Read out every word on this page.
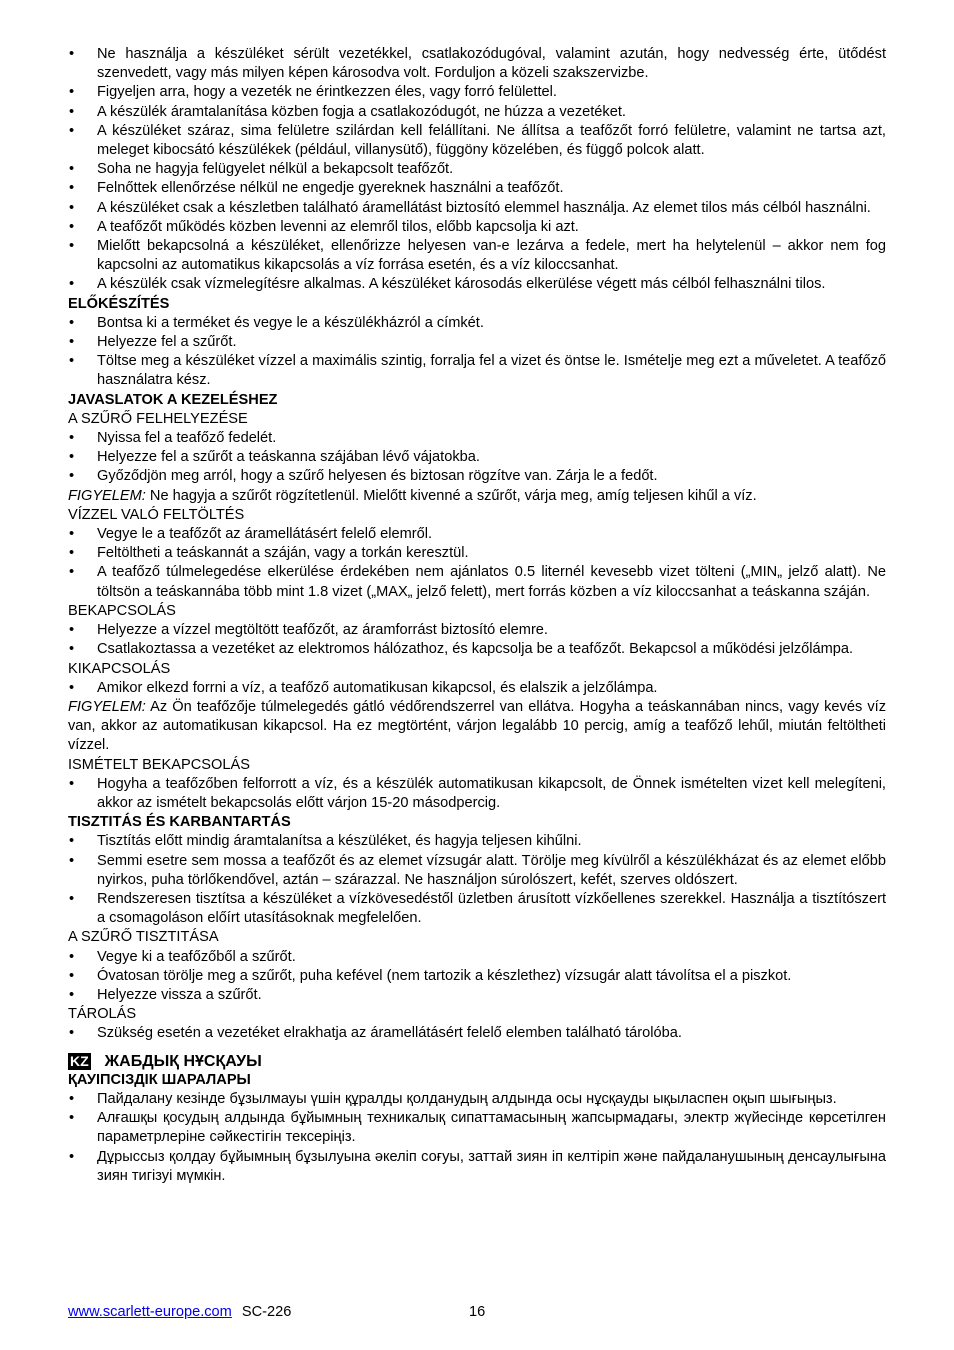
• Ne használja a készüléket sérült vezetékkel, csatlakozódugóval, valamint azután, hogy nedvesség érte, ütődést szenvedett, vagy más milyen képen károsodva volt. Forduljon a közeli szakszervizbe.
• Figyeljen arra, hogy a vezeték ne érintkezzen éles, vagy forró felülettel.
• A készülék áramtalanítása közben fogja a csatlakozódugót, ne húzza a vezetéket.
• A készüléket száraz, sima felületre szilárdan kell felállítani. Ne állítsa a teafőzőt forró felületre, valamint ne tartsa azt, meleget kibocsátó készülékek (például, villanysütő), függöny közelében, és függő polcok alatt.
• Soha ne hagyja felügyelet nélkül a bekapcsolt teafőzőt.
• Felnőttek ellenőrzése nélkül ne engedje gyereknek használni a teafőzőt.
• A készüléket csak a készletben található áramellátást biztosító elemmel használja. Az elemet tilos más célból használni.
• A teafőzőt működés közben levenni az elemről tilos, előbb kapcsolja ki azt.
• Mielőtt bekapcsolná a készüléket, ellenőrizze helyesen van-e lezárva a fedele, mert ha helytelenül – akkor nem fog kapcsolni az automatikus kikapcsolás a víz forrása esetén, és a víz kiloccsanhat.
• A készülék csak vízmelegítésre alkalmas. A készüléket károsodás elkerülése végett más célból felhasználni tilos.
ELŐKÉSZÍTÉS
• Bontsa ki a terméket és vegye le a készülékházról a címkét.
• Helyezze fel a szűrőt.
• Töltse meg a készüléket vízzel a maximális szintig, forralja fel a vizet és öntse le. Ismételje meg ezt a műveletet. A teafőző használatra kész.
JAVASLATOK A KEZELÉSHEZ
A SZŰRŐ FELHELYEZÉSE
• Nyissa fel a teafőző fedelét.
• Helyezze fel a szűrőt a teáskanna szájában lévő vájatokba.
• Győződjön meg arról, hogy a szűrő helyesen és biztosan rögzítve van. Zárja le a fedőt.
FIGYELEM: Ne hagyja a szűrőt rögzítetlenül. Mielőtt kivenné a szűrőt, várja meg, amíg teljesen kihűl a víz.
VÍZZEL VALÓ FELTÖLTÉS
• Vegye le a teafőzőt az áramellátásért felelő elemről.
• Feltöltheti a teáskannát a száján, vagy a torkán keresztül.
• A teafőző túlmelegedése elkerülése érdekében nem ajánlatos 0.5 liternél kevesebb vizet tölteni („MIN„ jelző alatt). Ne töltsön a teáskannába több mint 1.8 vizet („MAX„ jelző felett), mert forrás közben a víz kiloccsanhat a teáskanna száján.
BEKAPCSOLÁS
• Helyezze a vízzel megtöltött teafőzőt, az áramforrást biztosító elemre.
• Csatlakoztassa a vezetéket az elektromos hálózathoz, és kapcsolja be a teafőzőt. Bekapcsol a működési jelzőlámpa.
KIKAPCSOLÁS
• Amikor elkezd forrni a víz, a teafőző automatikusan kikapcsol, és elalszik a jelzőlámpa.
FIGYELEM: Az Ön teafőzője túlmelegedés gátló védőrendszerrel van ellátva. Hogyha a teáskannában nincs, vagy kevés víz van, akkor az automatikusan kikapcsol. Ha ez megtörtént, várjon legalább 10 percig, amíg a teafőző lehűl, miután feltöltheti vízzel.
ISMÉTELT BEKAPCSOLÁS
• Hogyha a teafőzőben felforrott a víz, és a készülék automatikusan kikapcsolt, de Önnek ismételten vizet kell melegíteni, akkor az ismételt bekapcsolás előtt várjon 15-20 másodpercig.
TISZTITÁS ÉS KARBANTARTÁS
• Tisztítás előtt mindig áramtalanítsa a készüléket, és hagyja teljesen kihűlni.
• Semmi esetre sem mossa a teafőzőt és az elemet vízsugár alatt. Törölje meg kívülről a készülékházat és az elemet előbb nyirkos, puha törlőkendővel, aztán – szárazzal. Ne használjon súrolószert, kefét, szerves oldószert.
• Rendszeresen tisztítsa a készüléket a vízkövesedéstől üzletben árusított vízkőellenes szerekkel. Használja a tisztítószert a csomagoláson előírt utasításoknak megfelelően.
A SZŰRŐ TISZTITÁSA
• Vegye ki a teafőzőből a szűrőt.
• Óvatosan törölje meg a szűrőt, puha kefével (nem tartozik a készlethez) vízsugár alatt távolítsa el a piszkot.
• Helyezze vissza a szűrőt.
TÁROLÁS
• Szükség esetén a vezetéket elrakhatja az áramellátásért felelő elemben található tárolóba.
KZ ЖАБДЫҚ НҰСҚАУЫ
ҚАУІПСІЗДІК ШАРАЛАРЫ
• Пайдалану кезінде бұзылмауы үшін құралды қолданудың алдында осы нұсқауды ықыласпен оқып шығыңыз.
• Алғашқы қосудың алдында бұйымның техникалық сипаттамасының жапсырмадағы, электр жүйесінде көрсетілген параметрлеріне сәйкестігін тексеріңіз.
• Дұрыссыз қолдау бұйымның бұзылуына әкеліп соғуы, заттай зиян іп келтіріп және пайдаланушының денсаулығына зиян тигізуі мүмкін.
www.scarlett-europe.com SC-226	16
